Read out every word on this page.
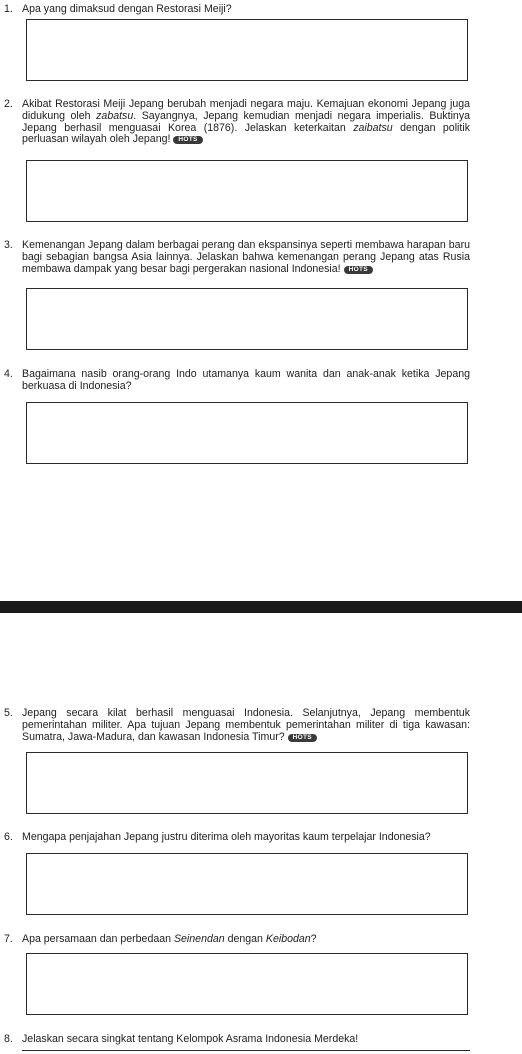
1. Apa yang dimaksud dengan Restorasi Meiji?
2. Akibat Restorasi Meiji Jepang berubah menjadi negara maju. Kemajuan ekonomi Jepang juga didukung oleh zabatsu. Sayangnya, Jepang kemudian menjadi negara imperialis. Buktinya Jepang berhasil menguasai Korea (1876). Jelaskan keterkaitan zaibatsu dengan politik perluasan wilayah oleh Jepang! HOTS
3. Kemenangan Jepang dalam berbagai perang dan ekspansinya seperti membawa harapan baru bagi sebagian bangsa Asia lainnya. Jelaskan bahwa kemenangan perang Jepang atas Rusia membawa dampak yang besar bagi pergerakan nasional Indonesia! HOTS
4. Bagaimana nasib orang-orang Indo utamanya kaum wanita dan anak-anak ketika Jepang berkuasa di Indonesia?
5. Jepang secara kilat berhasil menguasai Indonesia. Selanjutnya, Jepang membentuk pemerintahan militer. Apa tujuan Jepang membentuk pemerintahan militer di tiga kawasan: Sumatra, Jawa-Madura, dan kawasan Indonesia Timur? HOTS
6. Mengapa penjajahan Jepang justru diterima oleh mayoritas kaum terpelajar Indonesia?
7. Apa persamaan dan perbedaan Seinendan dengan Keibodan?
8. Jelaskan secara singkat tentang Kelompok Asrama Indonesia Merdeka!
